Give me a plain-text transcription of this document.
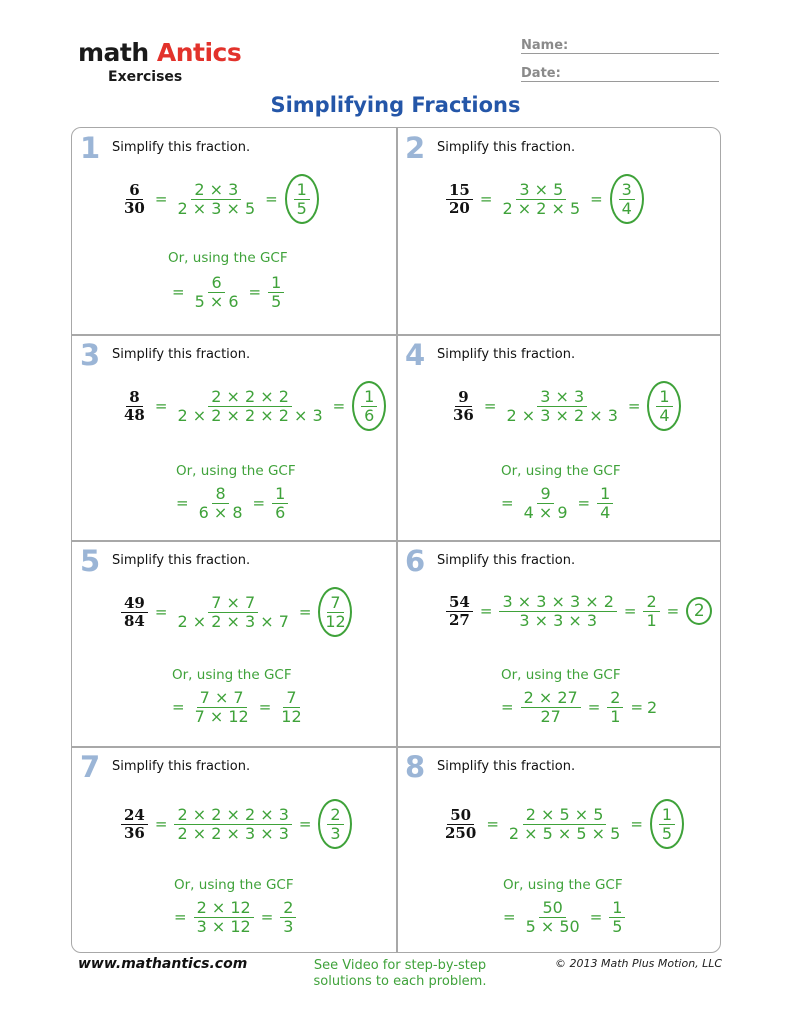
math Antics
Exercises
Name:
Date:
Simplifying Fractions
1 Simplify this fraction.
$\frac{6}{30} = \frac{2 \times 3}{2 \times 3 \times 5} = \frac{1}{5}$
Or, using the GCF
= $\frac{6}{5 \times 6} = \frac{1}{5}$
2 Simplify this fraction.
$\frac{15}{20} = \frac{3 \times 5}{2 \times 2 \times 5} = \frac{3}{4}$
3 Simplify this fraction.
$\frac{8}{48} = \frac{2 \times 2 \times 2}{2 \times 2 \times 2 \times 2 \times 3} = \frac{1}{6}$
Or, using the GCF
= $\frac{8}{6 \times 8} = \frac{1}{6}$
4 Simplify this fraction.
$\frac{9}{36} = \frac{3 \times 3}{2 \times 3 \times 2 \times 3} = \frac{1}{4}$
Or, using the GCF
= $\frac{9}{4 \times 9} = \frac{1}{4}$
5 Simplify this fraction.
$\frac{49}{84} = \frac{7 \times 7}{2 \times 2 \times 3 \times 7} = \frac{7}{12}$
Or, using the GCF
= $\frac{7 \times 7}{7 \times 12} = \frac{7}{12}$
6 Simplify this fraction.
$\frac{54}{27} = \frac{3 \times 3 \times 3 \times 2}{3 \times 3 \times 3} = \frac{2}{1} = 2$
Or, using the GCF
= $\frac{2 \times 27}{27} = \frac{2}{1} = 2$
7 Simplify this fraction.
$\frac{24}{36} = \frac{2 \times 2 \times 2 \times 3}{2 \times 2 \times 3 \times 3} = \frac{2}{3}$
Or, using the GCF
= $\frac{2 \times 12}{3 \times 12} = \frac{2}{3}$
8 Simplify this fraction.
$\frac{50}{250} = \frac{2 \times 5 \times 5}{2 \times 5 \times 5 \times 5} = \frac{1}{5}$
Or, using the GCF
= $\frac{50}{5 \times 50} = \frac{1}{5}$
www.mathantics.com	See Video for step-by-step
solutions to each problem.
© 2013 Math Plus Motion, LLC
